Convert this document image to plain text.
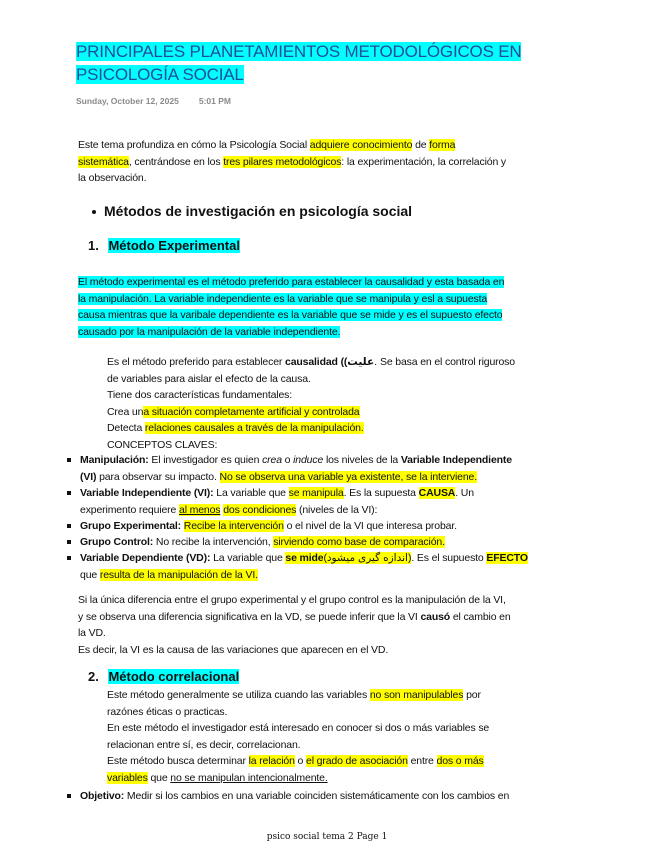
PRINCIPALES PLANETAMIENTOS METODOLÓGICOS EN
PSICOLOGÍA SOCIAL
Sunday, October 12, 2025 5:01 PM
Este tema profundiza en cómo la Psicología Social adquiere conocimiento de forma
sistemática, centrándose en los tres pilares metodológicos: la experimentación, la correlación y
la observación.
Métodos de investigación en psicología social
1. Método Experimental
El método experimental es el método preferido para establecer la causalidad y esta basada en
la manipulación. La variable independiente es la variable que se manipula y esl a supuesta
causa mientras que la varibale dependiente es la variable que se mide y es el supuesto efecto
causado por la manipulación de la variable independiente.
Es el método preferido para establecer causalidad ((علیت. Se basa en el control riguroso
de variables para aislar el efecto de la causa.
Tiene dos características fundamentales:
Crea una situación completamente artificial y controlada
Detecta relaciones causales a través de la manipulación.
CONCEPTOS CLAVES:
Manipulación: El investigador es quien crea o induce los niveles de la Variable Independiente
(VI) para observar su impacto. No se observa una variable ya existente, se la interviene.
Variable Independiente (VI): La variable que se manipula. Es la supuesta CAUSA. Un
experimento requiere al menos dos condiciones (niveles de la VI):
Grupo Experimental: Recibe la intervención o el nivel de la VI que interesa probar.
Grupo Control: No recibe la intervención, sirviendo como base de comparación.
Variable Dependiente (VD): La variable que se mide(اندازه گیری میشود). Es el supuesto EFECTO
que resulta de la manipulación de la VI.
Si la única diferencia entre el grupo experimental y el grupo control es la manipulación de la VI,
y se observa una diferencia significativa en la VD, se puede inferir que la VI causó el cambio en
la VD.
Es decir, la VI es la causa de las variaciones que aparecen en el VD.
2. Método correlacional
Este método generalmente se utiliza cuando las variables no son manipulables por
razónes éticas o practicas.
En este método el investigador está interesado en conocer si dos o más variables se
relacionan entre sí, es decir, correlacionan.
Este método busca determinar la relación o el grado de asociación entre dos o más
variables que no se manipulan intencionalmente.
Objetivo: Medir si los cambios en una variable coinciden sistemáticamente con los cambios en
psico social tema 2 Page 1
